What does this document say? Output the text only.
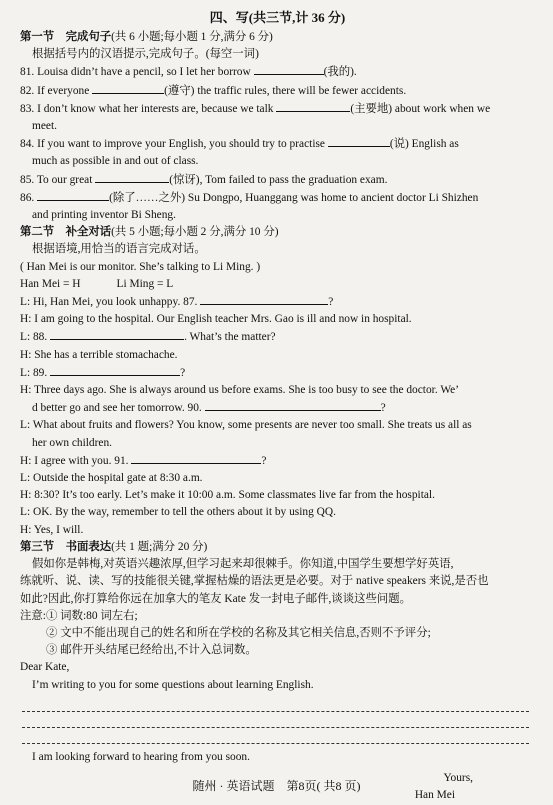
四、写(共三节,计 36 分)
第一节　完成句子(共 6 小题;每小题 1 分,满分 6 分)
根据括号内的汉语提示,完成句子。(每空一词)
81. Louisa didn’t have a pencil, so I let her borrow	(我的).
82. If everyone	(遵守) the traffic rules, there will be fewer accidents.
83. I don’t know what her interests are, because we talk	(主要地) about work when we
meet.
84. If you want to improve your English, you should try to practise	(说) English as
much as possible in and out of class.
85. To our great	(惊讶), Tom failed to pass the graduation exam.
86.	(除了……之外) Su Dongpo, Huanggang was home to ancient doctor Li Shizhen
and printing inventor Bi Sheng.
第二节　补全对话(共 5 小题;每小题 2 分,满分 10 分)
根据语境,用恰当的语言完成对话。
( Han Mei is our monitor. She’s talking to Li Ming. )
Han Mei = H	Li Ming = L
L: Hi, Han Mei, you look unhappy. 87.	?
H: I am going to the hospital. Our English teacher Mrs. Gao is ill and now in hospital.
L: 88.	. What’s the matter?
H: She has a terrible stomachache.
L: 89.	?
H: Three days ago. She is always around us before exams. She is too busy to see the doctor. We’
d better go and see her tomorrow. 90.	?
L: What about fruits and flowers? You know, some presents are never too small. She treats us all as
her own children.
H: I agree with you. 91.	?
L: Outside the hospital gate at 8:30 a.m.
H: 8:30? It’s too early. Let’s make it 10:00 a.m. Some classmates live far from the hospital.
L: OK. By the way, remember to tell the others about it by using QQ.
H: Yes, I will.
第三节　书面表达(共 1 题;满分 20 分)
假如你是韩梅,对英语兴趣浓厚,但学习起来却很棘手。你知道,中国学生要想学好英语,
练就听、说、读、写的技能很关键,掌握枯燥的语法更是必要。对于 native speakers 来说,是否也
如此?因此,你打算给你远在加拿大的笔友 Kate 发一封电子邮件,谈谈这些问题。
注意:① 词数:80 词左右;
② 文中不能出现自己的姓名和所在学校的名称及其它相关信息,否则不予评分;
③ 邮件开头结尾已经给出,不计入总词数。
Dear Kate,
I’m writing to you for some questions about learning English.
I am looking forward to hearing from you soon.
Yours,
Han Mei
随州 · 英语试题　第8页( 共8 页)
